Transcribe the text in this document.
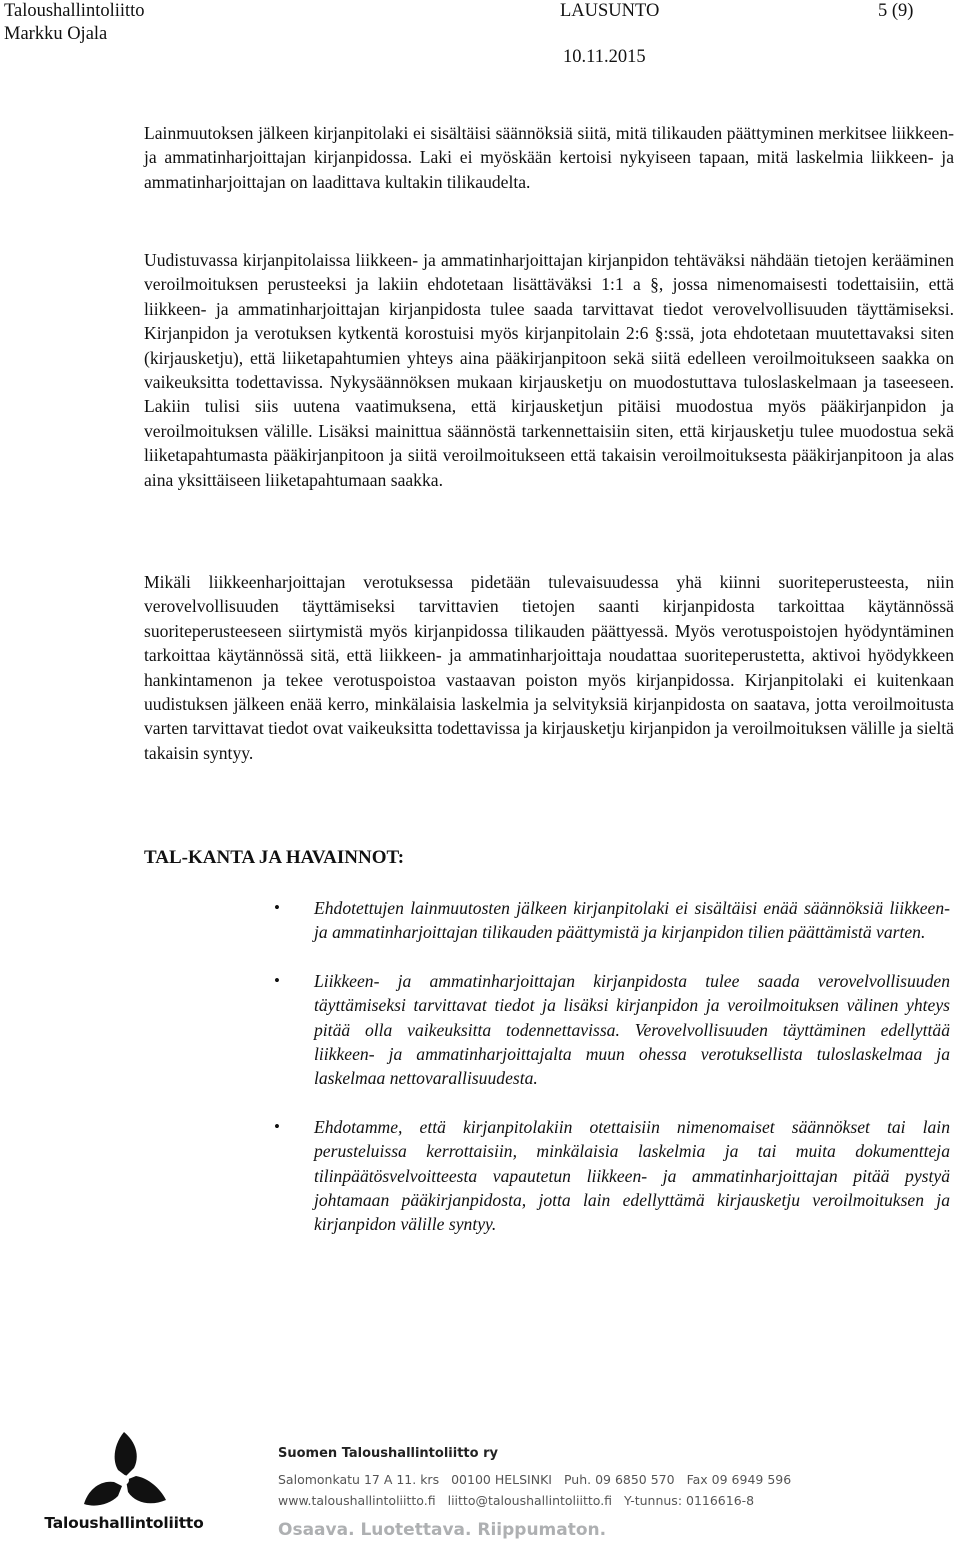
Taloushallintoliitto
Markku Ojala
LAUSUNTO
10.11.2015
5 (9)

Lainmuutoksen jälkeen kirjanpitolaki ei sisältäisi säännöksiä siitä, mitä tilikauden päättyminen merkitsee liikkeen- ja ammatinharjoittajan kirjanpidossa. Laki ei myöskään kertoisi nykyiseen tapaan, mitä laskelmia liikkeen- ja ammatinharjoittajan on laadittava kultakin tilikaudelta.

Uudistuvassa kirjanpitolaissa liikkeen- ja ammatinharjoittajan kirjanpidon tehtäväksi nähdään tietojen kerääminen veroilmoituksen perusteeksi ja lakiin ehdotetaan lisättäväksi 1:1 a §, jossa nimenomaisesti todettaisiin, että liikkeen- ja ammatinharjoittajan kirjanpidosta tulee saada tarvittavat tiedot verovelvollisuuden täyttämiseksi. Kirjanpidon ja verotuksen kytkentä korostuisi myös kirjanpitolain 2:6 §:ssä, jota ehdotetaan muutettavaksi siten (kirjausketju), että liiketapahtumien yhteys aina pääkirjanpitoon sekä siitä edelleen veroilmoitukseen saakka on vaikeuksitta todettavissa. Nykysäännöksen mukaan kirjausketju on muodostuttava tuloslaskelmaan ja taseeseen. Lakiin tulisi siis uutena vaatimuksena, että kirjausketjun pitäisi muodostua myös pääkirjanpidon ja veroilmoituksen välille. Lisäksi mainittua säännöstä tarkennettaisiin siten, että kirjausketju tulee muodostua sekä liiketapahtumasta pääkirjanpitoon ja siitä veroilmoitukseen että takaisin veroilmoituksesta pääkirjanpitoon ja alas aina yksittäiseen liiketapahtumaan saakka.

Mikäli liikkeenharjoittajan verotuksessa pidetään tulevaisuudessa yhä kiinni suoriteperusteesta, niin verovelvollisuuden täyttämiseksi tarvittavien tietojen saanti kirjanpidosta tarkoittaa käytännössä suoriteperusteeseen siirtymistä myös kirjanpidossa tilikauden päättyessä. Myös verotuspoistojen hyödyntäminen tarkoittaa käytännössä sitä, että liikkeen- ja ammatinharjoittaja noudattaa suoriteperustetta, aktivoi hyödykkeen hankintamenon ja tekee verotuspoistoa vastaavan poiston myös kirjanpidossa. Kirjanpitolaki ei kuitenkaan uudistuksen jälkeen enää kerro, minkälaisia laskelmia ja selvityksiä kirjanpidosta on saatava, jotta veroilmoitusta varten tarvittavat tiedot ovat vaikeuksitta todettavissa ja kirjausketju kirjanpidon ja veroilmoituksen välille ja sieltä takaisin syntyy.

TAL-KANTA JA HAVAINNOT:
• Ehdotettujen lainmuutosten jälkeen kirjanpitolaki ei sisältäisi enää säännöksiä liikkeen- ja ammatinharjoittajan tilikauden päättymistä ja kirjanpidon tilien päättämistä varten.
• Liikkeen- ja ammatinharjoittajan kirjanpidosta tulee saada verovelvollisuuden täyttämiseksi tarvittavat tiedot ja lisäksi kirjanpidon ja veroilmoituksen välinen yhteys pitää olla vaikeuksitta todennettavissa. Verovelvollisuuden täyttäminen edellyttää liikkeen- ja ammatinharjoittajalta muun ohessa verotuksellista tuloslaskelmaa ja laskelmaa nettovarallisuudesta.
• Ehdotamme, että kirjanpitolakiin otettaisiin nimenomaiset säännökset tai lain perusteluissa kerrottaisiin, minkälaisia laskelmia ja tai muita dokumentteja tilinpäätösvelvoitteesta vapautetun liikkeen- ja ammatinharjoittajan pitää pystyä johtamaan pääkirjanpidosta, jotta lain edellyttämä kirjausketju veroilmoituksen ja kirjanpidon välille syntyy.
Taloushallintoliitto
Suomen Taloushallintoliitto ry
Salomonkatu 17 A 11. krs 00100 HELSINKI Puh. 09 6850 570 Fax 09 6949 596
www.taloushallintoliitto.fi liitto@taloushallintoliitto.fi Y-tunnus: 0116616-8
Osaava. Luotettava. Riippumaton.
